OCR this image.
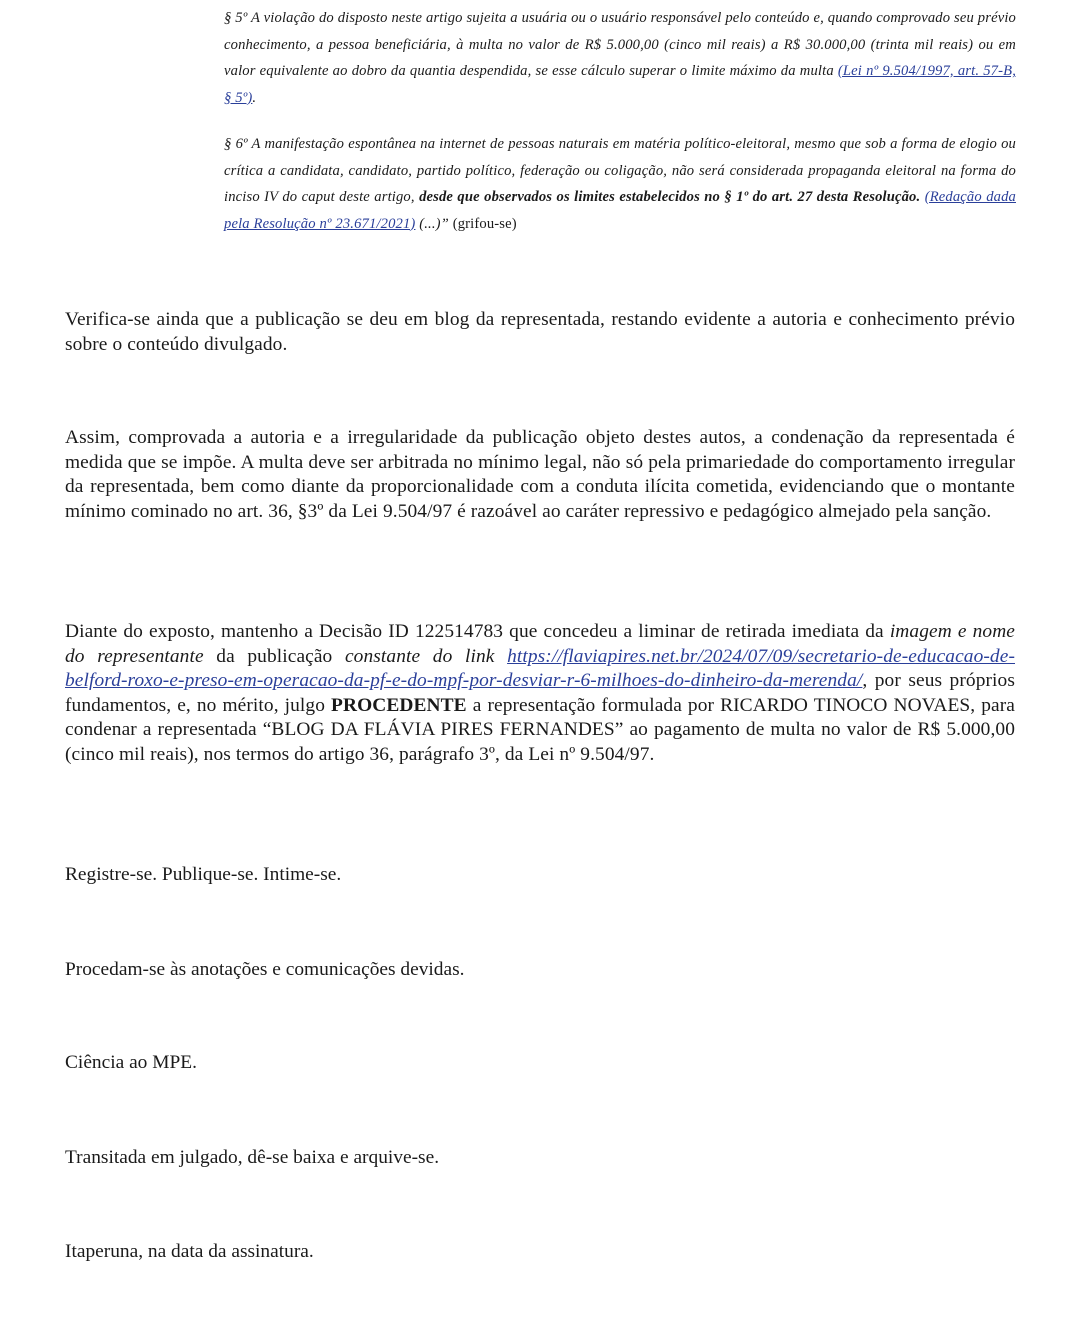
§ 5º A violação do disposto neste artigo sujeita a usuária ou o usuário responsável pelo conteúdo e, quando comprovado seu prévio conhecimento, a pessoa beneficiária, à multa no valor de R$ 5.000,00 (cinco mil reais) a R$ 30.000,00 (trinta mil reais) ou em valor equivalente ao dobro da quantia despendida, se esse cálculo superar o limite máximo da multa (Lei nº 9.504/1997, art. 57-B, § 5º).
§ 6º A manifestação espontânea na internet de pessoas naturais em matéria político-eleitoral, mesmo que sob a forma de elogio ou crítica a candidata, candidato, partido político, federação ou coligação, não será considerada propaganda eleitoral na forma do inciso IV do caput deste artigo, desde que observados os limites estabelecidos no § 1º do art. 27 desta Resolução. (Redação dada pela Resolução nº 23.671/2021) (...)” (grifou-se)
Verifica-se ainda que a publicação se deu em blog da representada, restando evidente a autoria e conhecimento prévio sobre o conteúdo divulgado.
Assim, comprovada a autoria e a irregularidade da publicação objeto destes autos, a condenação da representada é medida que se impõe. A multa deve ser arbitrada no mínimo legal, não só pela primariedade do comportamento irregular da representada, bem como diante da proporcionalidade com a conduta ilícita cometida, evidenciando que o montante mínimo cominado no art. 36, §3º da Lei 9.504/97 é razoável ao caráter repressivo e pedagógico almejado pela sanção.
Diante do exposto, mantenho a Decisão ID 122514783 que concedeu a liminar de retirada imediata da imagem e nome do representante da publicação constante do link https://flaviapires.net.br/2024/07/09/secretario-de-educacao-de-belford-roxo-e-preso-em-operacao-da-pf-e-do-mpf-por-desviar-r-6-milhoes-do-dinheiro-da-merenda/, por seus próprios fundamentos, e, no mérito, julgo PROCEDENTE a representação formulada por RICARDO TINOCO NOVAES, para condenar a representada “BLOG DA FLÁVIA PIRES FERNANDES” ao pagamento de multa no valor de R$ 5.000,00 (cinco mil reais), nos termos do artigo 36, parágrafo 3º, da Lei nº 9.504/97.
Registre-se. Publique-se. Intime-se.
Procedam-se às anotações e comunicações devidas.
Ciência ao MPE.
Transitada em julgado, dê-se baixa e arquive-se.
Itaperuna, na data da assinatura.
